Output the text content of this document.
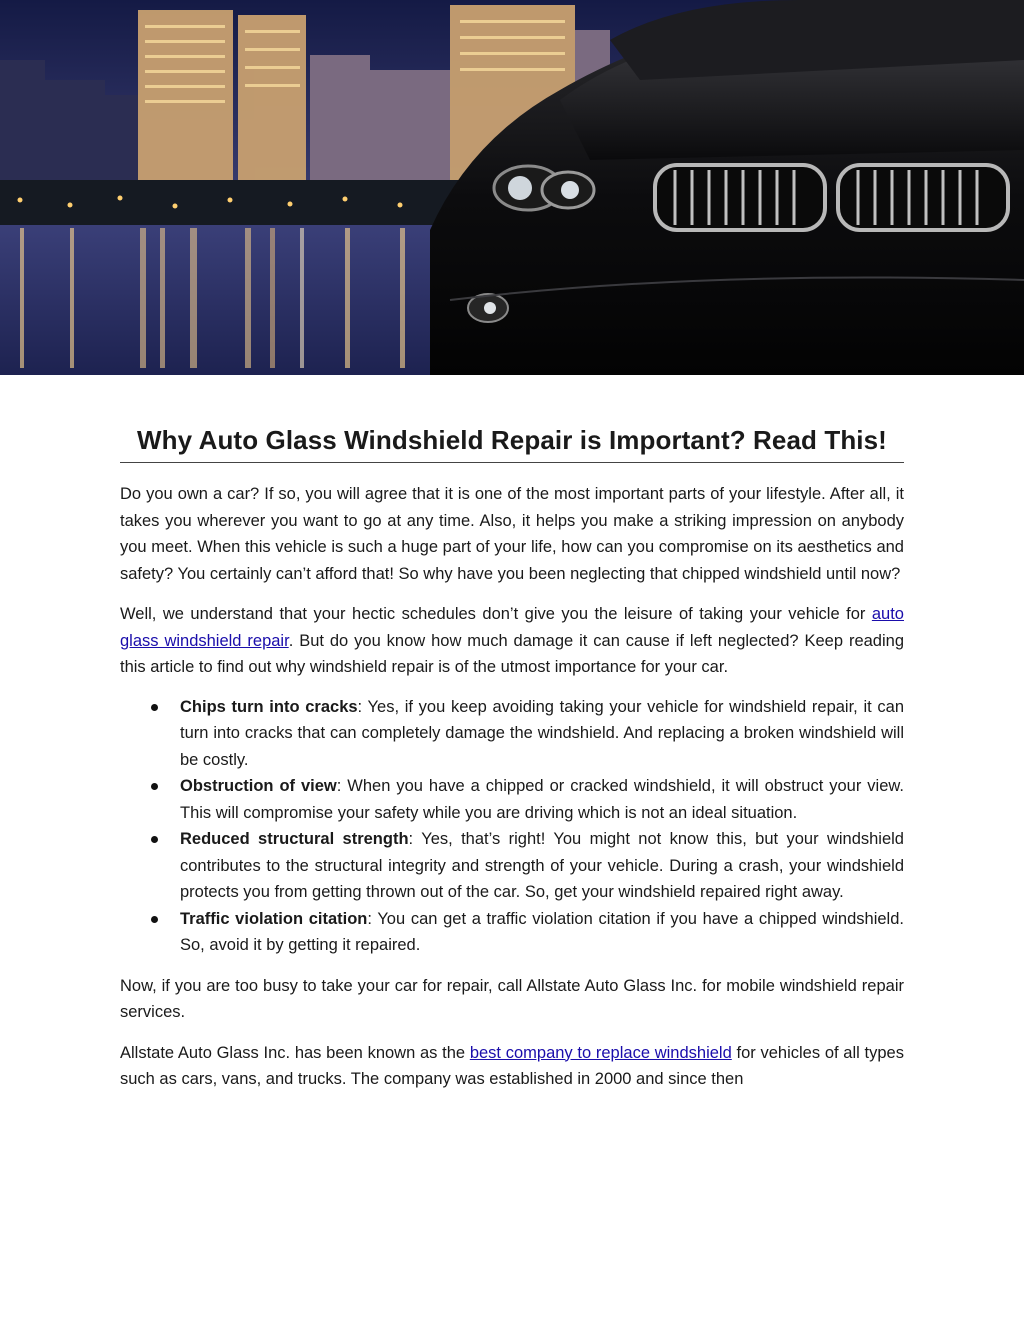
Why Auto Glass Windshield Repair is Important? Read This!

Do you own a car? If so, you will agree that it is one of the most important parts of your lifestyle. After all, it takes you wherever you want to go at any time. Also, it helps you make a striking impression on anybody you meet. When this vehicle is such a huge part of your life, how can you compromise on its aesthetics and safety? You certainly can’t afford that! So why have you been neglecting that chipped windshield until now?

Well, we understand that your hectic schedules don’t give you the leisure of taking your vehicle for auto glass windshield repair. But do you know how much damage it can cause if left neglected? Keep reading this article to find out why windshield repair is of the utmost importance for your car.

Chips turn into cracks: Yes, if you keep avoiding taking your vehicle for windshield repair, it can turn into cracks that can completely damage the windshield. And replacing a broken windshield will be costly.
Obstruction of view: When you have a chipped or cracked windshield, it will obstruct your view. This will compromise your safety while you are driving which is not an ideal situation.
Reduced structural strength: Yes, that’s right! You might not know this, but your windshield contributes to the structural integrity and strength of your vehicle. During a crash, your windshield protects you from getting thrown out of the car. So, get your windshield repaired right away.
Traffic violation citation: You can get a traffic violation citation if you have a chipped windshield. So, avoid it by getting it repaired.

Now, if you are too busy to take your car for repair, call Allstate Auto Glass Inc. for mobile windshield repair services.

Allstate Auto Glass Inc. has been known as the best company to replace windshield for vehicles of all types such as cars, vans, and trucks. The company was established in 2000 and since then
